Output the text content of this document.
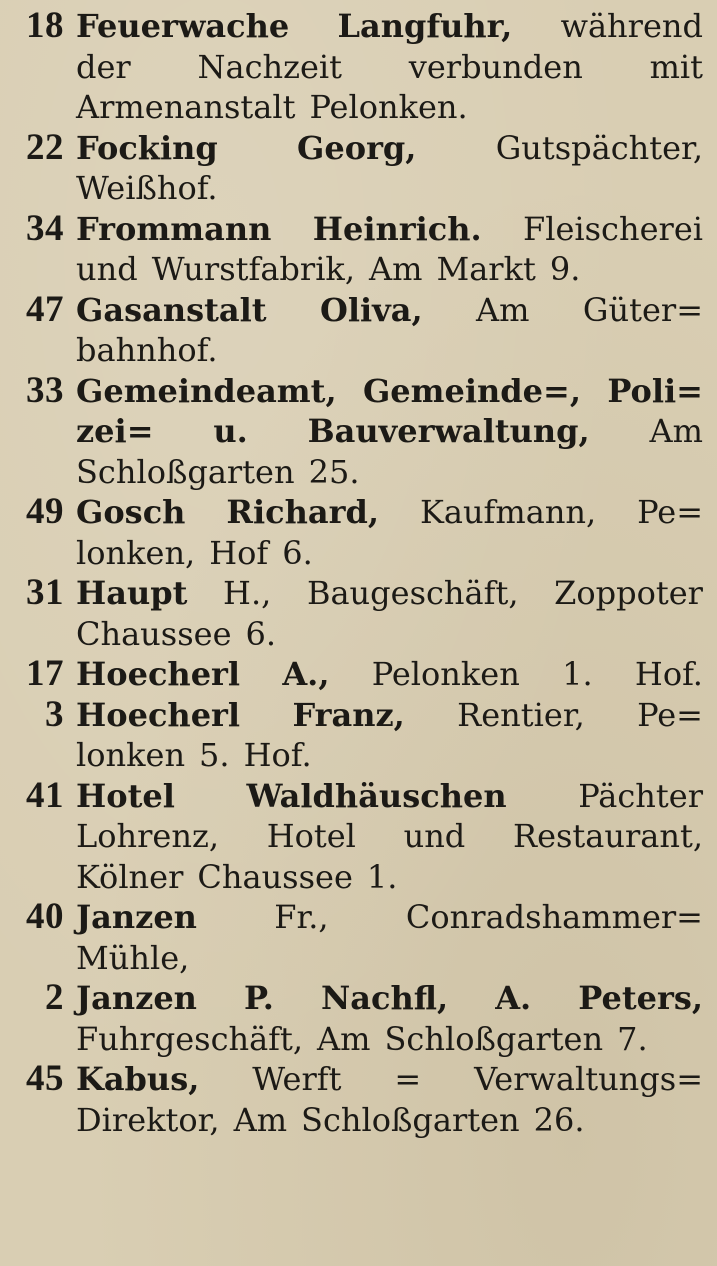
18 Feuerwache Langfuhr, während
der Nachzeit verbunden mit
Armenanstalt Pelonken.
22 Focking Georg, Gutspächter,
Weißhof.
34 Frommann Heinrich. Fleischerei
und Wurstfabrik, Am Markt 9.
47 Gasanstalt Oliva, Am Güter=
bahnhof.
33 Gemeindeamt, Gemeinde=, Poli=
zei= u. Bauverwaltung, Am
Schloßgarten 25.
49 Gosch Richard, Kaufmann, Pe=
lonken, Hof 6.
31 Haupt H., Baugeschäft, Zoppoter
Chaussee 6.
17 Hoecherl A., Pelonken 1. Hof.
3 Hoecherl Franz, Rentier, Pe=
lonken 5. Hof.
41 Hotel Waldhäuschen Pächter
Lohrenz, Hotel und Restaurant,
Kölner Chaussee 1.
40 Janzen Fr., Conradshammer=
Mühle,
2 Janzen P. Nachfl, A. Peters,
Fuhrgeschäft, Am Schloßgarten 7.
45 Kabus, Werft = Verwaltungs=
Direktor, Am Schloßgarten 26.
